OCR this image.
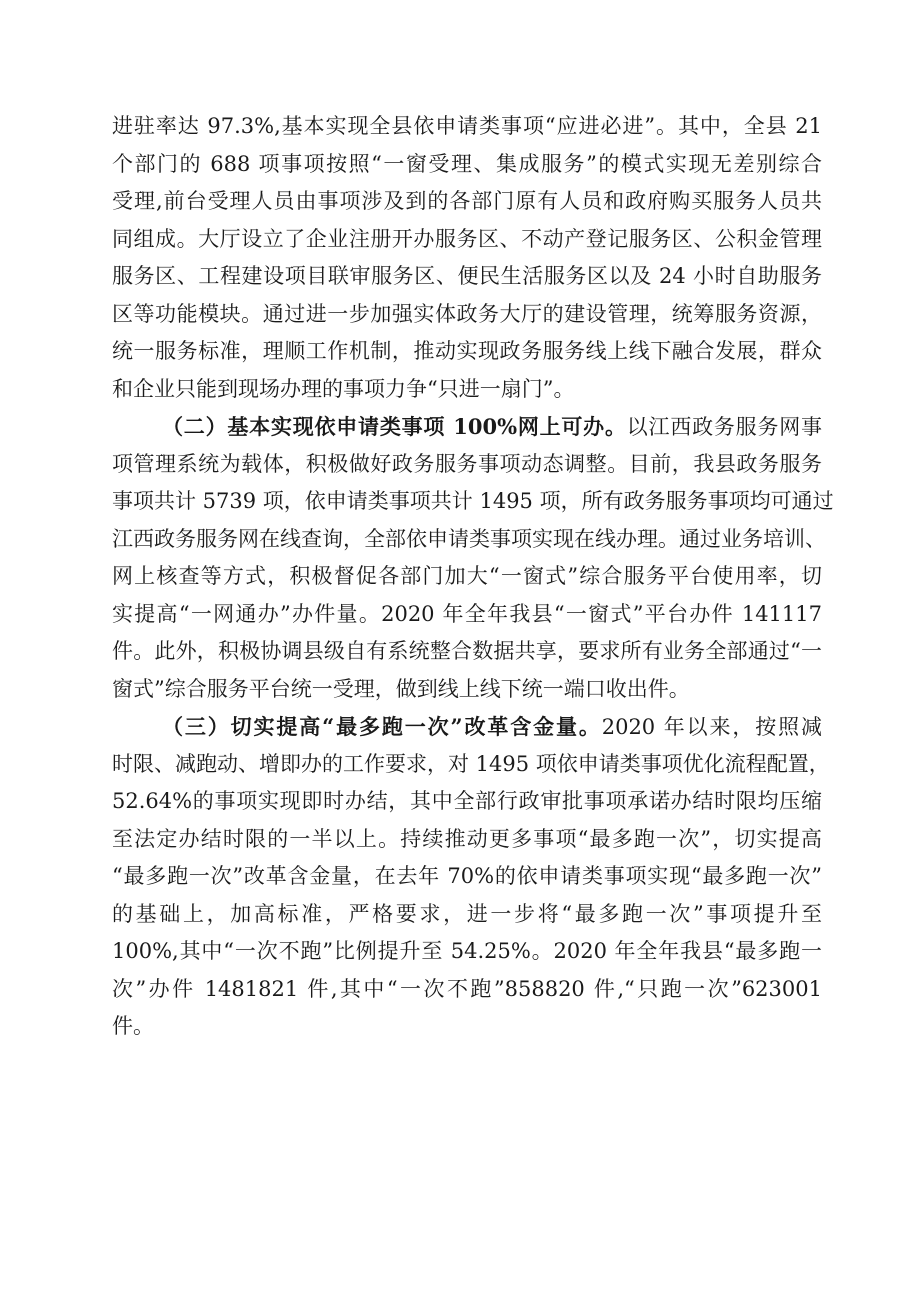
进驻率达 97.3%,基本实现全县依申请类事项“应进必进”。其中，全县 21
个部门的 688 项事项按照“一窗受理、集成服务”的模式实现无差别综合
受理,前台受理人员由事项涉及到的各部门原有人员和政府购买服务人员共
同组成。大厅设立了企业注册开办服务区、不动产登记服务区、公积金管理
服务区、工程建设项目联审服务区、便民生活服务区以及 24 小时自助服务
区等功能模块。通过进一步加强实体政务大厅的建设管理，统筹服务资源，
统一服务标准，理顺工作机制，推动实现政务服务线上线下融合发展，群众
和企业只能到现场办理的事项力争“只进一扇门”。
（二）基本实现依申请类事项 100%网上可办。以江西政务服务网事
项管理系统为载体，积极做好政务服务事项动态调整。目前，我县政务服务
事项共计 5739 项，依申请类事项共计 1495 项，所有政务服务事项均可通过
江西政务服务网在线查询，全部依申请类事项实现在线办理。通过业务培训、
网上核查等方式，积极督促各部门加大“一窗式”综合服务平台使用率，切
实提高“一网通办”办件量。2020 年全年我县“一窗式”平台办件 141117
件。此外，积极协调县级自有系统整合数据共享，要求所有业务全部通过“一
窗式”综合服务平台统一受理，做到线上线下统一端口收出件。
（三）切实提高“最多跑一次”改革含金量。2020 年以来，按照减
时限、减跑动、增即办的工作要求，对 1495 项依申请类事项优化流程配置，
52.64%的事项实现即时办结，其中全部行政审批事项承诺办结时限均压缩
至法定办结时限的一半以上。持续推动更多事项“最多跑一次”，切实提高
“最多跑一次”改革含金量，在去年 70%的依申请类事项实现“最多跑一次”
的基础上，加高标准，严格要求，进一步将“最多跑一次”事项提升至
100%,其中“一次不跑”比例提升至 54.25%。2020 年全年我县“最多跑一
次”办件 1481821 件,其中“一次不跑”858820 件,“只跑一次”623001
件。
